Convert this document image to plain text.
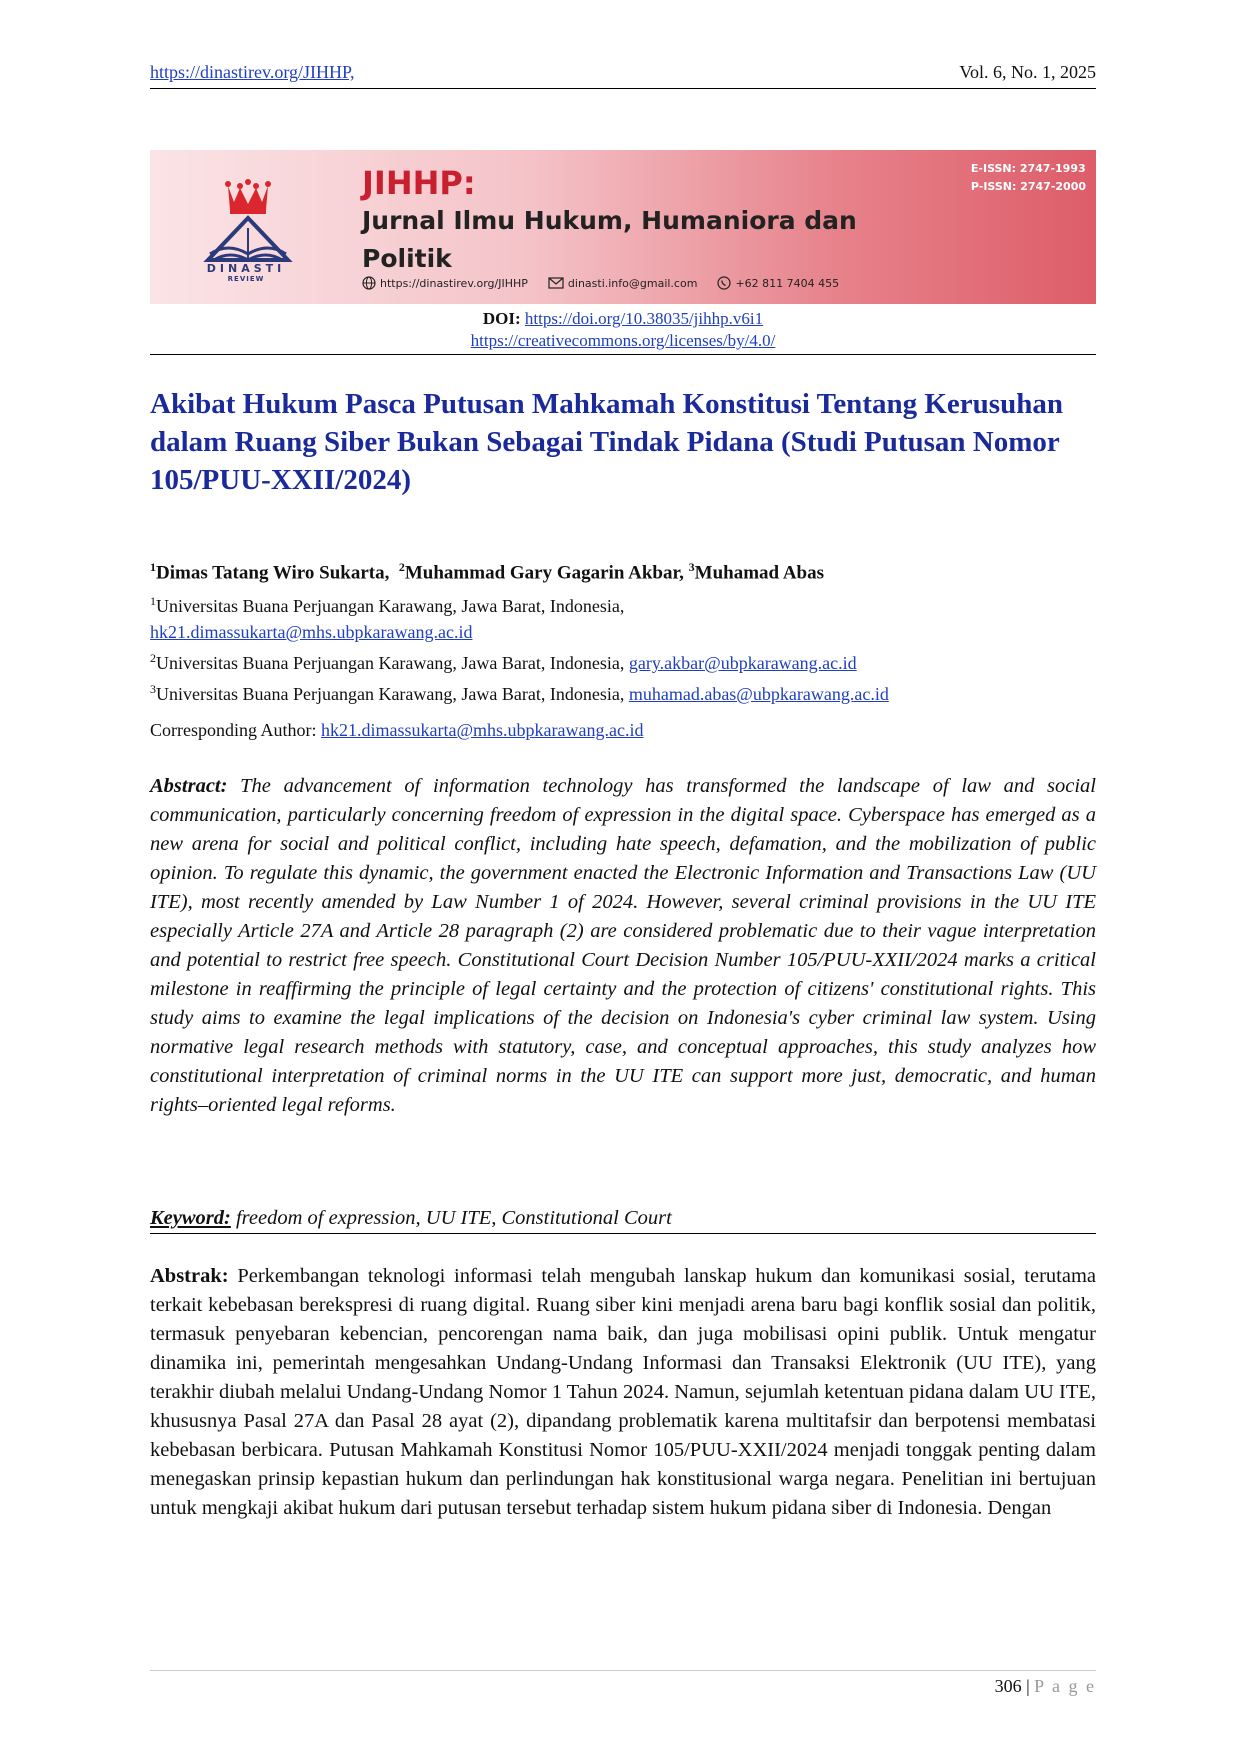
https://dinastirev.org/JIHHP,	Vol. 6, No. 1, 2025
DINASTI
REVIEW
JIHHP:
Jurnal Ilmu Hukum, Humaniora dan Politik
E-ISSN: 2747-1993
P-ISSN: 2747-2000
https://dinastirev.org/JIHHP	dinasti.info@gmail.com	+62 811 7404 455
DOI: https://doi.org/10.38035/jihhp.v6i1
https://creativecommons.org/licenses/by/4.0/
Akibat Hukum Pasca Putusan Mahkamah Konstitusi Tentang Kerusuhan dalam Ruang Siber Bukan Sebagai Tindak Pidana (Studi Putusan Nomor 105/PUU-XXII/2024)
$^1$Dimas Tatang Wiro Sukarta, $^2$Muhammad Gary Gagarin Akbar, $^3$Muhamad Abas
$^1$Universitas Buana Perjuangan Karawang, Jawa Barat, Indonesia,
hk21.dimassukarta@mhs.ubpkarawang.ac.id
$^2$Universitas Buana Perjuangan Karawang, Jawa Barat, Indonesia, gary.akbar@ubpkarawang.ac.id
$^3$Universitas Buana Perjuangan Karawang, Jawa Barat, Indonesia, muhamad.abas@ubpkarawang.ac.id
Corresponding Author: hk21.dimassukarta@mhs.ubpkarawang.ac.id
Abstract: The advancement of information technology has transformed the landscape of law and social communication, particularly concerning freedom of expression in the digital space. Cyberspace has emerged as a new arena for social and political conflict, including hate speech, defamation, and the mobilization of public opinion. To regulate this dynamic, the government enacted the Electronic Information and Transactions Law (UU ITE), most recently amended by Law Number 1 of 2024. However, several criminal provisions in the UU ITE especially Article 27A and Article 28 paragraph (2) are considered problematic due to their vague interpretation and potential to restrict free speech. Constitutional Court Decision Number 105/PUU-XXII/2024 marks a critical milestone in reaffirming the principle of legal certainty and the protection of citizens' constitutional rights. This study aims to examine the legal implications of the decision on Indonesia's cyber criminal law system. Using normative legal research methods with statutory, case, and conceptual approaches, this study analyzes how constitutional interpretation of criminal norms in the UU ITE can support more just, democratic, and human rights–oriented legal reforms.
Keyword: freedom of expression, UU ITE, Constitutional Court
Abstrak: Perkembangan teknologi informasi telah mengubah lanskap hukum dan komunikasi sosial, terutama terkait kebebasan berekspresi di ruang digital. Ruang siber kini menjadi arena baru bagi konflik sosial dan politik, termasuk penyebaran kebencian, pencorengan nama baik, dan juga mobilisasi opini publik. Untuk mengatur dinamika ini, pemerintah mengesahkan Undang-Undang Informasi dan Transaksi Elektronik (UU ITE), yang terakhir diubah melalui Undang-Undang Nomor 1 Tahun 2024. Namun, sejumlah ketentuan pidana dalam UU ITE, khususnya Pasal 27A dan Pasal 28 ayat (2), dipandang problematik karena multitafsir dan berpotensi membatasi kebebasan berbicara. Putusan Mahkamah Konstitusi Nomor 105/PUU-XXII/2024 menjadi tonggak penting dalam menegaskan prinsip kepastian hukum dan perlindungan hak konstitusional warga negara. Penelitian ini bertujuan untuk mengkaji akibat hukum dari putusan tersebut terhadap sistem hukum pidana siber di Indonesia. Dengan
306 | P a g e
